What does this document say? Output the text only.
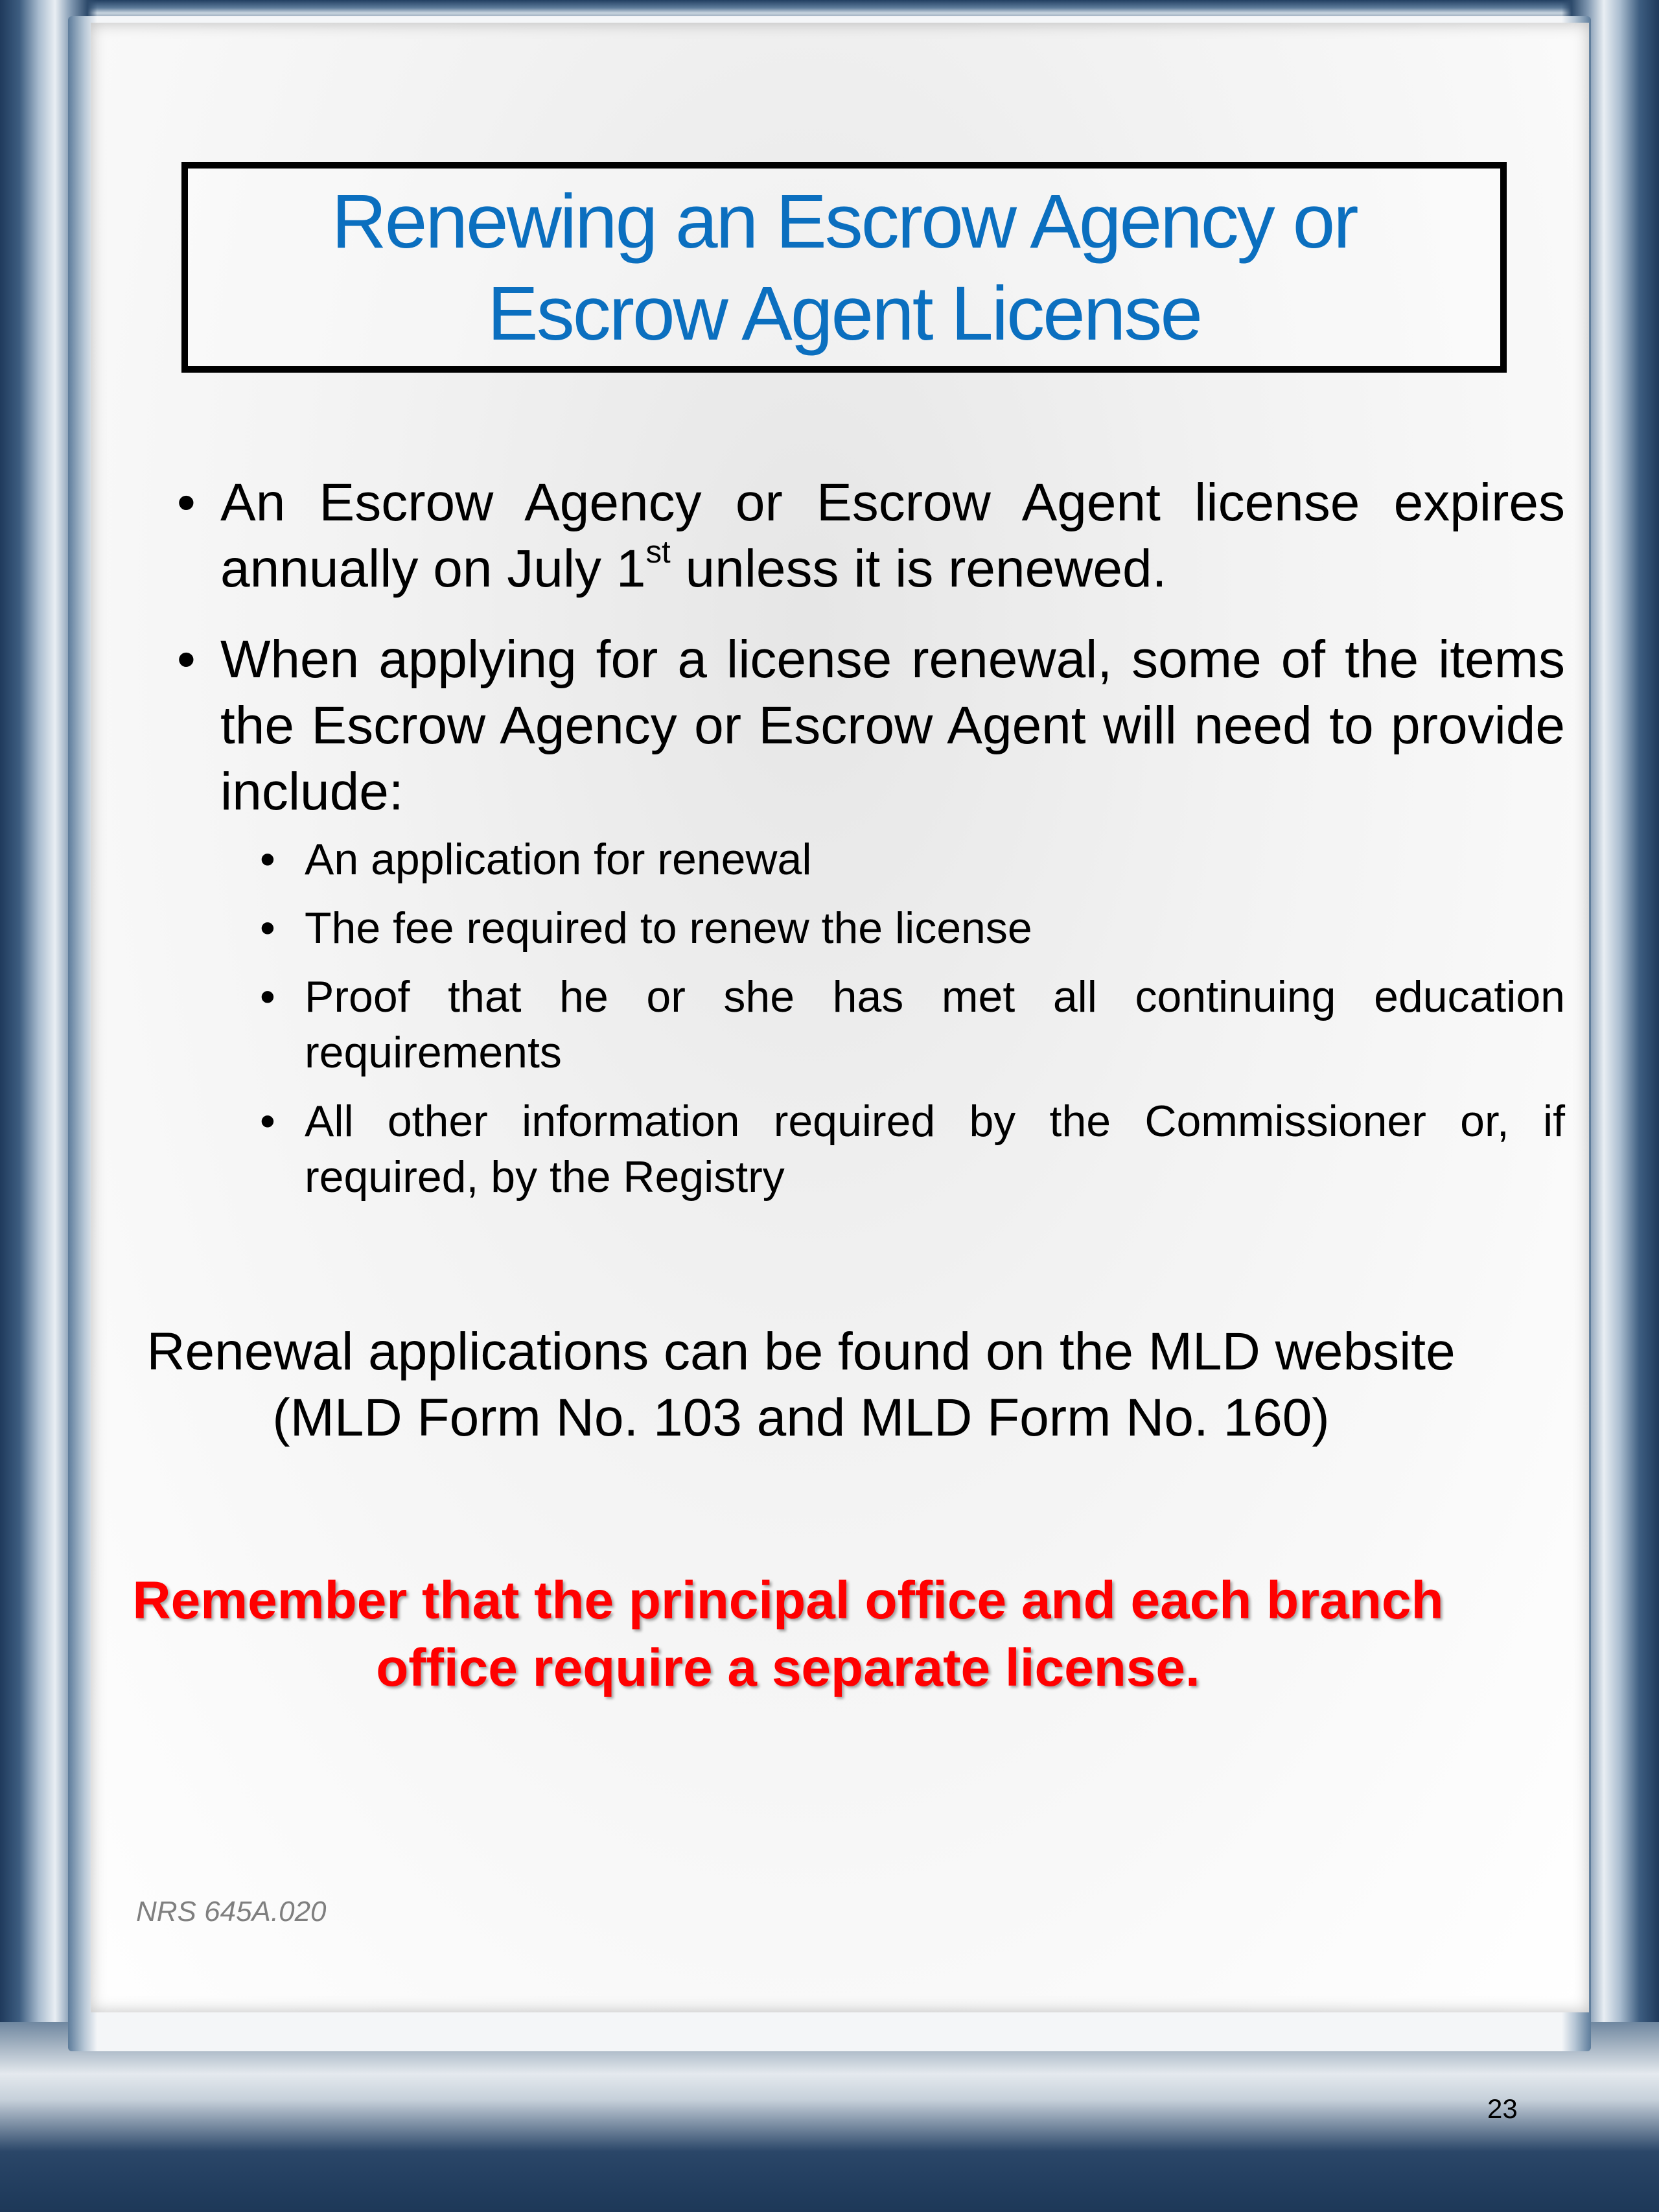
Renewing an Escrow Agency or
Escrow Agent License
• An Escrow Agency or Escrow Agent license expires annually on July 1st unless it is renewed.
• When applying for a license renewal, some of the items the Escrow Agency or Escrow Agent will need to provide include:
• An application for renewal
• The fee required to renew the license
• Proof that he or she has met all continuing education requirements
• All other information required by the Commissioner or, if required, by the Registry
Renewal applications can be found on the MLD website
(MLD Form No. 103 and MLD Form No. 160)
Remember that the principal office and each branch
office require a separate license.
NRS 645A.020
23
